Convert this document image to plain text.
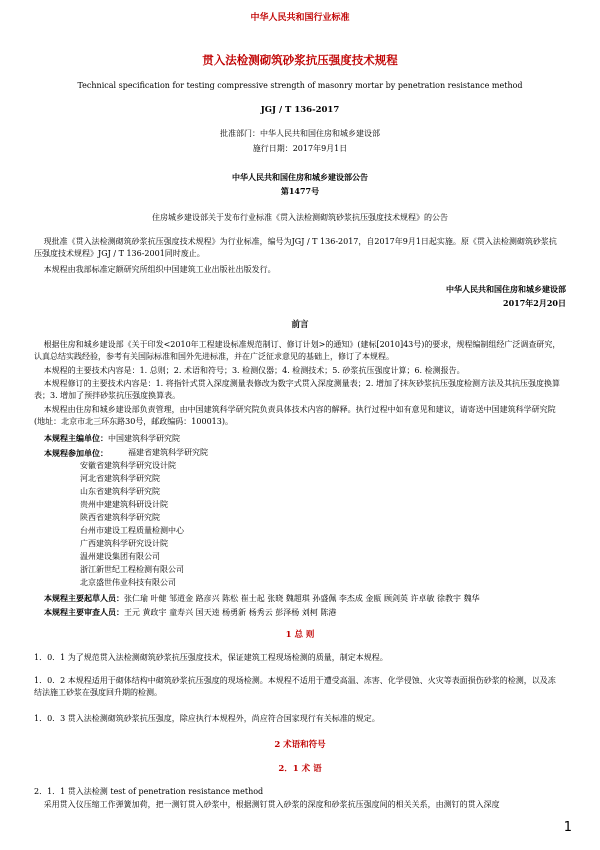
中华人民共和国行业标准
贯入法检测砌筑砂浆抗压强度技术规程
Technical specification for testing compressive strength of masonry mortar by penetration resistance method
JGJ / T 136-2017
批准部门：中华人民共和国住房和城乡建设部
施行日期：2017年9月1日
中华人民共和国住房和城乡建设部公告
第1477号
住房城乡建设部关于发布行业标准《贯入法检测砌筑砂浆抗压强度技术规程》的公告
现批准《贯入法检测砌筑砂浆抗压强度技术规程》为行业标准，编号为JGJ / T 136-2017，自2017年9月1日起实施。原《贯入法检测砌筑砂浆抗压强度技术规程》JGJ / T 136-2001同时废止。
本规程由我部标准定额研究所组织中国建筑工业出版社出版发行。
中华人民共和国住房和城乡建设部
2017年2月20日
前言
根据住房和城乡建设部《关于印发<2010年工程建设标准规范制订、修订计划>的通知》(建标[2010]43号)的要求，规程编制组经广泛调查研究，认真总结实践经验，参考有关国际标准和国外先进标准，并在广泛征求意见的基础上，修订了本规程。
本规程的主要技术内容是：1. 总则；2. 术语和符号；3. 检测仪器；4. 检测技术；5. 砂浆抗压强度计算；6. 检测报告。
本规程修订的主要技术内容是：1. 将指针式贯入深度测量表修改为数字式贯入深度测量表；2. 增加了抹灰砂浆抗压强度检测方法及其抗压强度换算表；3. 增加了预拌砂浆抗压强度换算表。
本规程由住房和城乡建设部负责管理，由中国建筑科学研究院负责具体技术内容的解释。执行过程中如有意见和建议，请寄送中国建筑科学研究院(地址：北京市北三环东路30号，邮政编码：100013)。
本规程主编单位：中国建筑科学研究院
本规程参加单位：	福建省建筑科学研究院
安徽省建筑科学研究设计院
河北省建筑科学研究院
山东省建筑科学研究院
贵州中建建筑科研设计院
陕西省建筑科学研究院
台州市建设工程质量检测中心
广西建筑科学研究设计院
温州建设集团有限公司
浙江新世纪工程检测有限公司
北京盛世伟业科技有限公司
本规程主要起草人员：张仁瑜 叶健 邹道金 路彦兴 陈松 崔士起 张晓 魏超琪 孙盛佩 李杰成 金瓯 顾剑英 许卓敏 徐教宇 魏华
本规程主要审查人员：王元 黄政宇 童寿兴 国天逵 杨勇新 杨秀云 彭泽杨 刘柯 陈港
1 总 则
1．0．1 为了规范贯入法检测砌筑砂浆抗压强度技术，保证建筑工程现场检测的质量，制定本规程。
1．0．2 本规程适用于砌体结构中砌筑砂浆抗压强度的现场检测。本规程不适用于遭受高温、冻害、化学侵蚀、火灾等表面损伤砂浆的检测，以及冻结法施工砂浆在强度回升期的检测。
1．0．3 贯入法检测砌筑砂浆抗压强度，除应执行本规程外，尚应符合国家现行有关标准的规定。
2 术语和符号
2．1 术 语
2．1．1 贯入法检测 test of penetration resistance method
采用贯入仪压缩工作弹簧加荷，把一测钉贯入砂浆中，根据测钉贯入砂浆的深度和砂浆抗压强度间的相关关系，由测钉的贯入深度
1
